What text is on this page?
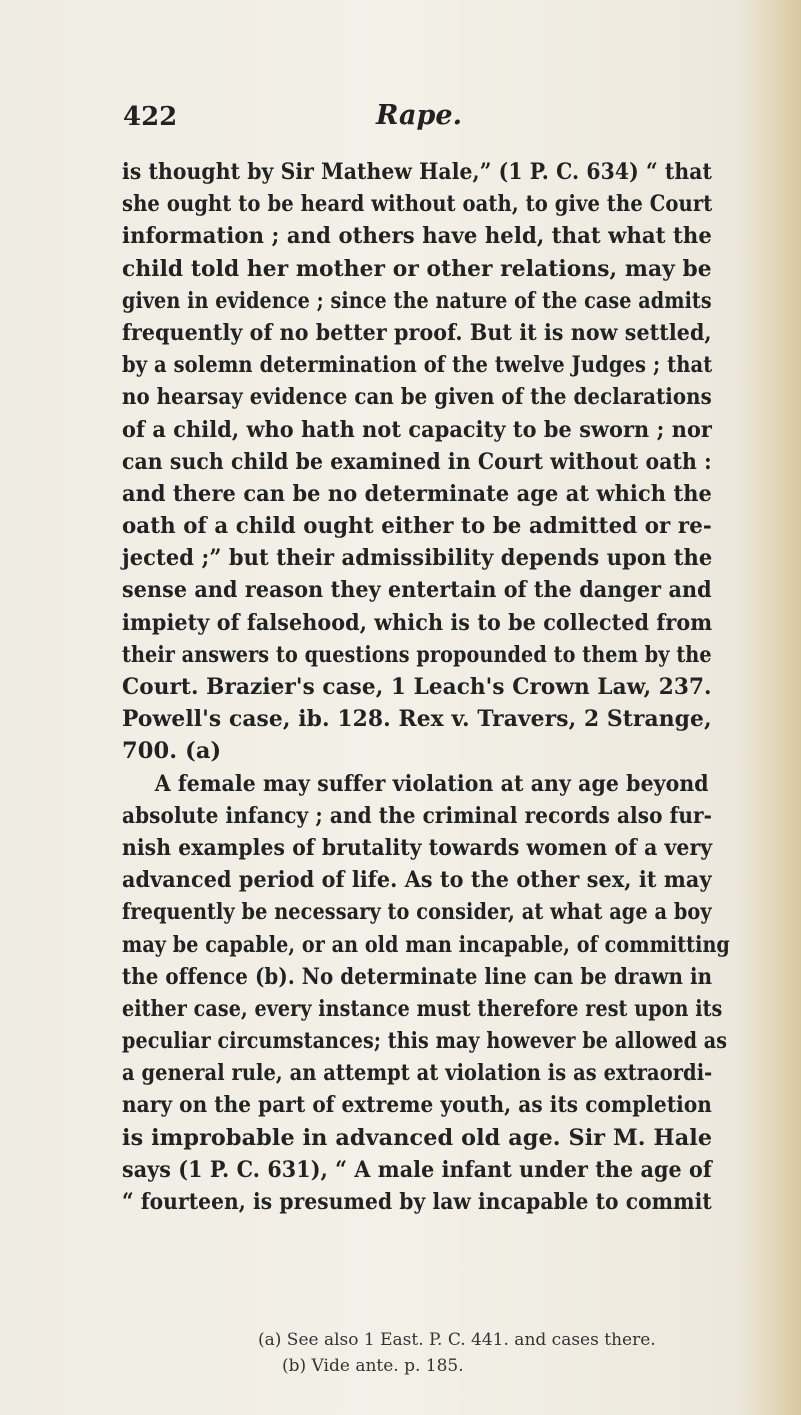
422	Rape.
is thought by Sir Mathew Hale,” (1 P. C. 634) “ that
she ought to be heard without oath, to give the Court
information ; and others have held, that what the
child told her mother or other relations, may be
given in evidence ; since the nature of the case admits
frequently of no better proof. But it is now settled,
by a solemn determination of the twelve Judges ; that
no hearsay evidence can be given of the declarations
of a child, who hath not capacity to be sworn ; nor
can such child be examined in Court without oath :
and there can be no determinate age at which the
oath of a child ought either to be admitted or re-
jected ;” but their admissibility depends upon the
sense and reason they entertain of the danger and
impiety of falsehood, which is to be collected from
their answers to questions propounded to them by the
Court. Brazier's case, 1 Leach's Crown Law, 237.
Powell's case, ib. 128. Rex v. Travers, 2 Strange,
700. (a)
A female may suffer violation at any age beyond
absolute infancy ; and the criminal records also fur-
nish examples of brutality towards women of a very
advanced period of life. As to the other sex, it may
frequently be necessary to consider, at what age a boy
may be capable, or an old man incapable, of committing
the offence (b). No determinate line can be drawn in
either case, every instance must therefore rest upon its
peculiar circumstances; this may however be allowed as
a general rule, an attempt at violation is as extraordi-
nary on the part of extreme youth, as its completion
is improbable in advanced old age. Sir M. Hale
says (1 P. C. 631), “ A male infant under the age of
“ fourteen, is presumed by law incapable to commit
(a) See also 1 East. P. C. 441. and cases there.
(b) Vide ante. p. 185.
